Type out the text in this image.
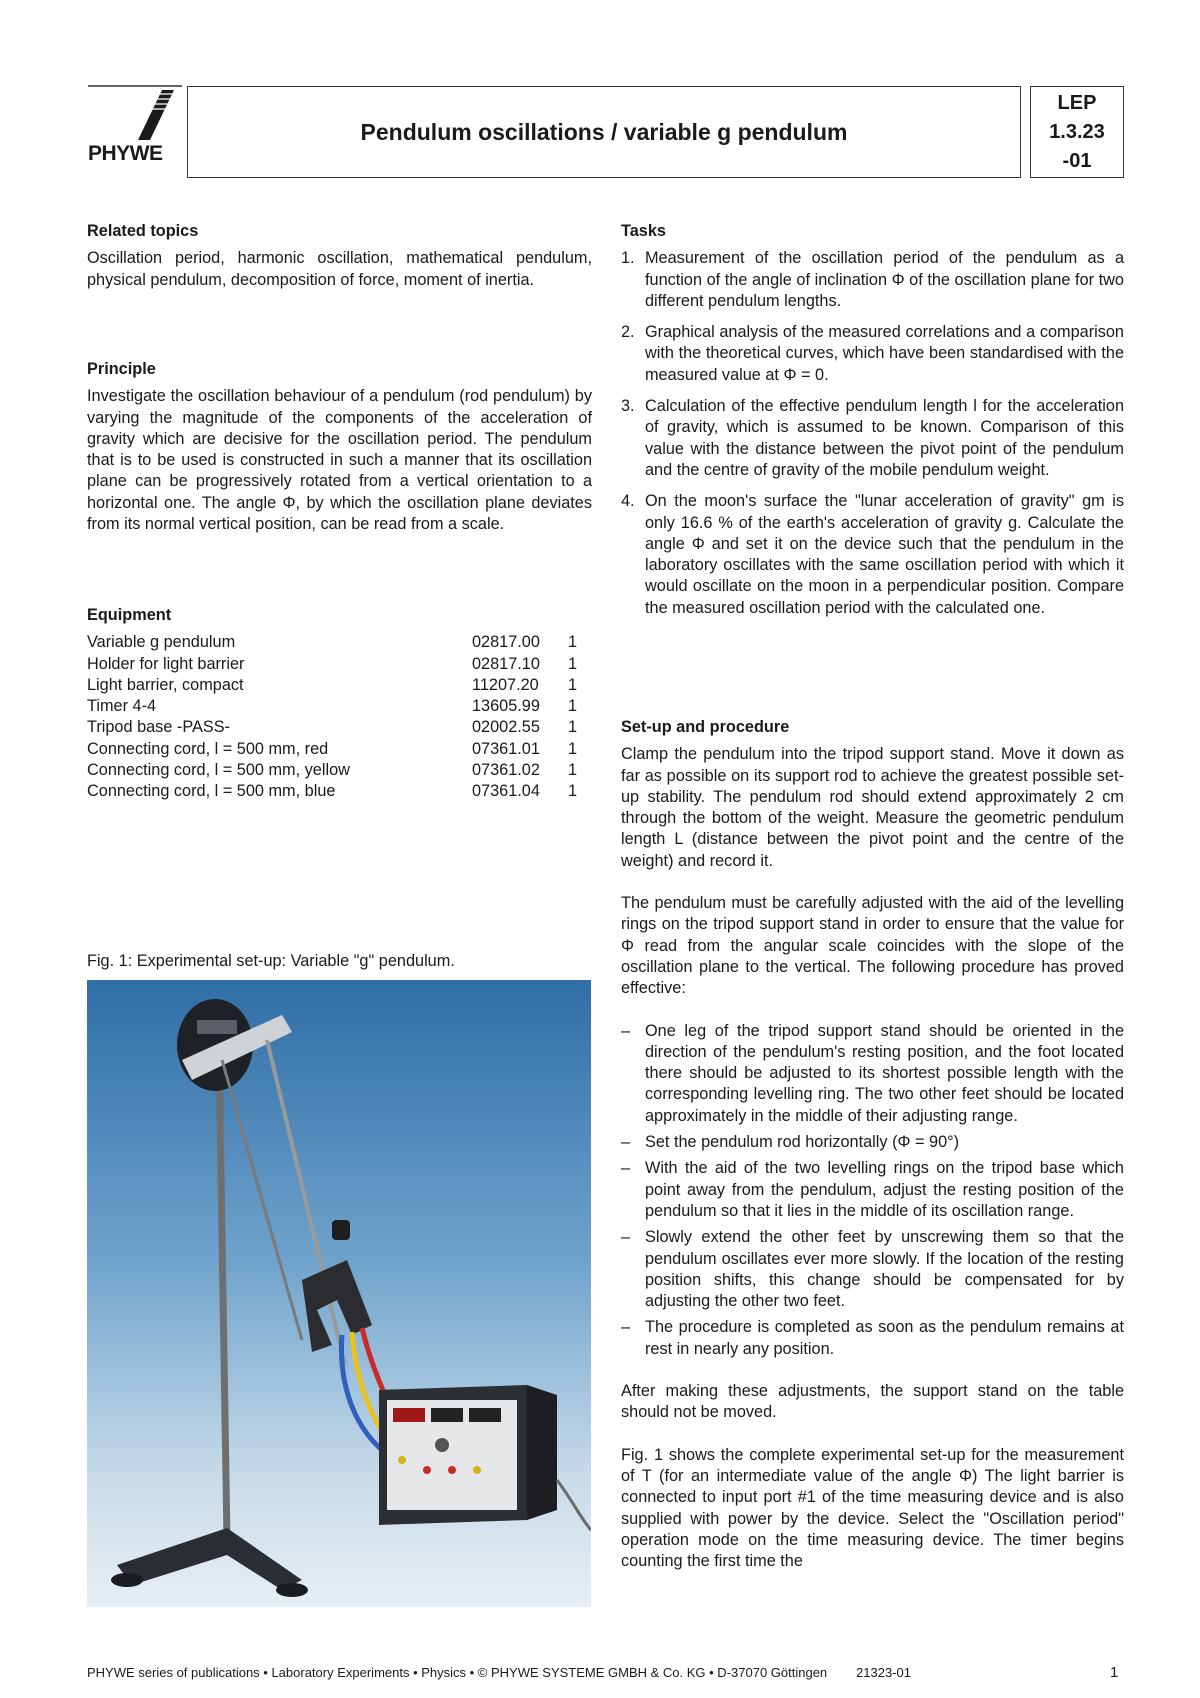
PHYWE
Pendulum oscillations / variable g pendulum
LEP
1.3.23
-01
Related topics

Oscillation period, harmonic oscillation, mathematical pendulum, physical pendulum, decomposition of force, moment of inertia.

Principle

Investigate the oscillation behaviour of a pendulum (rod pendulum) by varying the magnitude of the components of the acceleration of gravity which are decisive for the oscillation period. The pendulum that is to be used is constructed in such a manner that its oscillation plane can be progressively rotated from a vertical orientation to a horizontal one. The angle Φ, by which the oscillation plane deviates from its normal vertical position, can be read from a scale.

Equipment
Variable g pendulum	02817.00	1
Holder for light barrier	02817.10	1
Light barrier, compact	11207.20	1
Timer 4-4	13605.99	1
Tripod base -PASS-	02002.55	1
Connecting cord, l = 500 mm, red	07361.01	1
Connecting cord, l = 500 mm, yellow	07361.02	1
Connecting cord, l = 500 mm, blue	07361.04	1
Fig. 1: Experimental set-up: Variable "g" pendulum.
Tasks
1. Measurement of the oscillation period of the pendulum as a function of the angle of inclination Φ of the oscillation plane for two different pendulum lengths.
2. Graphical analysis of the measured correlations and a comparison with the theoretical curves, which have been standardised with the measured value at Φ = 0.
3. Calculation of the effective pendulum length l for the acceleration of gravity, which is assumed to be known. Comparison of this value with the distance between the pivot point of the pendulum and the centre of gravity of the mobile pendulum weight.
4. On the moon's surface the "lunar acceleration of gravity" gm is only 16.6 % of the earth's acceleration of gravity g. Calculate the angle Φ and set it on the device such that the pendulum in the laboratory oscillates with the same oscillation period with which it would oscillate on the moon in a perpendicular position. Compare the measured oscillation period with the calculated one.
Set-up and procedure

Clamp the pendulum into the tripod support stand. Move it down as far as possible on its support rod to achieve the greatest possible set-up stability. The pendulum rod should extend approximately 2 cm through the bottom of the weight. Measure the geometric pendulum length L (distance between the pivot point and the centre of the weight) and record it.

The pendulum must be carefully adjusted with the aid of the levelling rings on the tripod support stand in order to ensure that the value for Φ read from the angular scale coincides with the slope of the oscillation plane to the vertical. The following procedure has proved effective:

– One leg of the tripod support stand should be oriented in the direction of the pendulum's resting position, and the foot located there should be adjusted to its shortest possible length with the corresponding levelling ring. The two other feet should be located approximately in the middle of their adjusting range.
– Set the pendulum rod horizontally (Φ = 90°)
– With the aid of the two levelling rings on the tripod base which point away from the pendulum, adjust the resting position of the pendulum so that it lies in the middle of its oscillation range.
– Slowly extend the other feet by unscrewing them so that the pendulum oscillates ever more slowly. If the location of the resting position shifts, this change should be compensated for by adjusting the other two feet.
– The procedure is completed as soon as the pendulum remains at rest in nearly any position.

After making these adjustments, the support stand on the table should not be moved.

Fig. 1 shows the complete experimental set-up for the measurement of T (for an intermediate value of the angle Φ) The light barrier is connected to input port #1 of the time measuring device and is also supplied with power by the device. Select the "Oscillation period" operation mode on the time measuring device. The timer begins counting the first time the

PHYWE series of publications • Laboratory Experiments • Physics • © PHYWE SYSTEME GMBH & Co. KG • D-37070 Göttingen        21323-01	1
